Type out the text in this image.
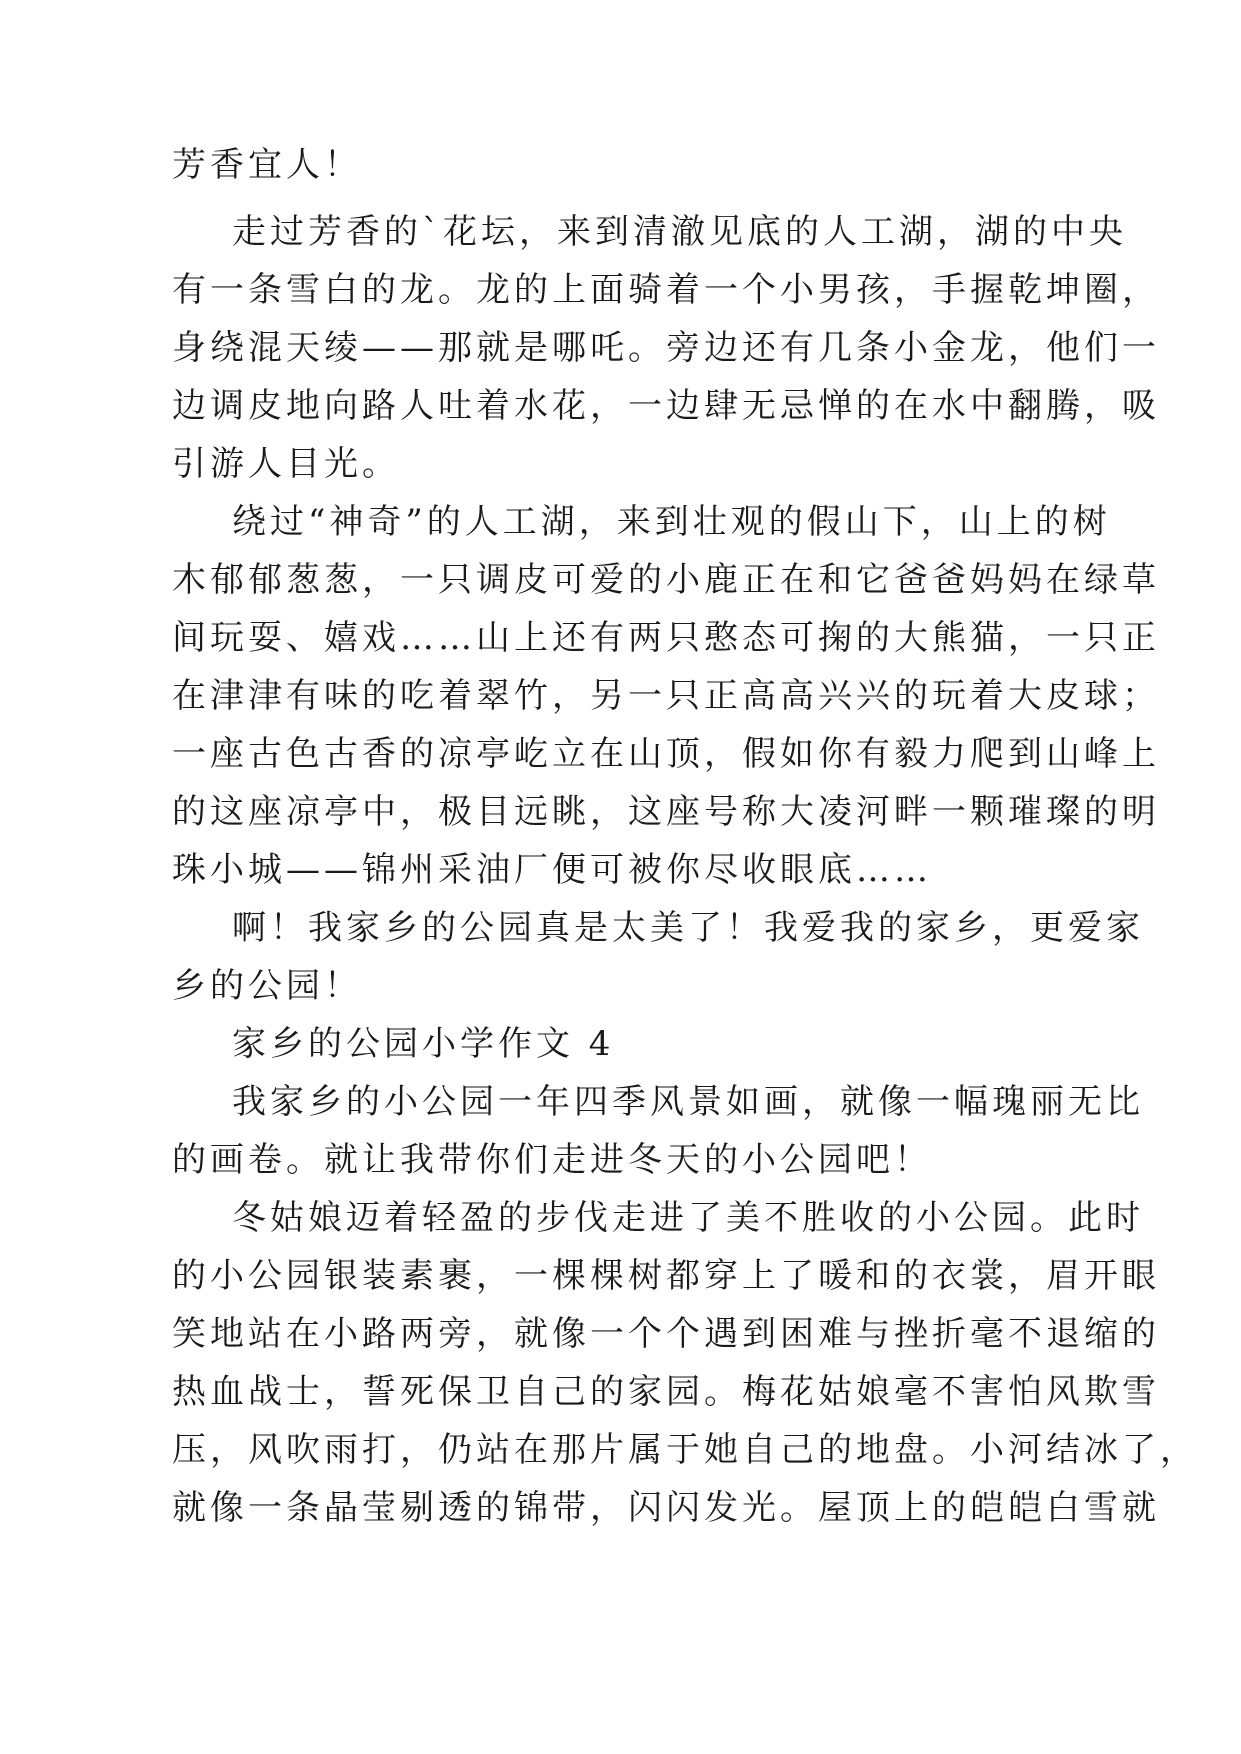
芳香宜人！
走过芳香的`花坛，来到清澈见底的人工湖，湖的中央
有一条雪白的龙。龙的上面骑着一个小男孩，手握乾坤圈，
身绕混天绫——那就是哪吒。旁边还有几条小金龙，他们一
边调皮地向路人吐着水花，一边肆无忌惮的在水中翻腾，吸
引游人目光。
绕过“神奇”的人工湖，来到壮观的假山下，山上的树
木郁郁葱葱，一只调皮可爱的小鹿正在和它爸爸妈妈在绿草
间玩耍、嬉戏……山上还有两只憨态可掬的大熊猫，一只正
在津津有味的吃着翠竹，另一只正高高兴兴的玩着大皮球；
一座古色古香的凉亭屹立在山顶，假如你有毅力爬到山峰上
的这座凉亭中，极目远眺，这座号称大凌河畔一颗璀璨的明
珠小城——锦州采油厂便可被你尽收眼底……
啊！我家乡的公园真是太美了！我爱我的家乡，更爱家
乡的公园！
家乡的公园小学作文 4
我家乡的小公园一年四季风景如画，就像一幅瑰丽无比
的画卷。就让我带你们走进冬天的小公园吧！
冬姑娘迈着轻盈的步伐走进了美不胜收的小公园。此时
的小公园银装素裹，一棵棵树都穿上了暖和的衣裳，眉开眼
笑地站在小路两旁，就像一个个遇到困难与挫折毫不退缩的
热血战士，誓死保卫自己的家园。梅花姑娘毫不害怕风欺雪
压，风吹雨打，仍站在那片属于她自己的地盘。小河结冰了，
就像一条晶莹剔透的锦带，闪闪发光。屋顶上的皑皑白雪就
